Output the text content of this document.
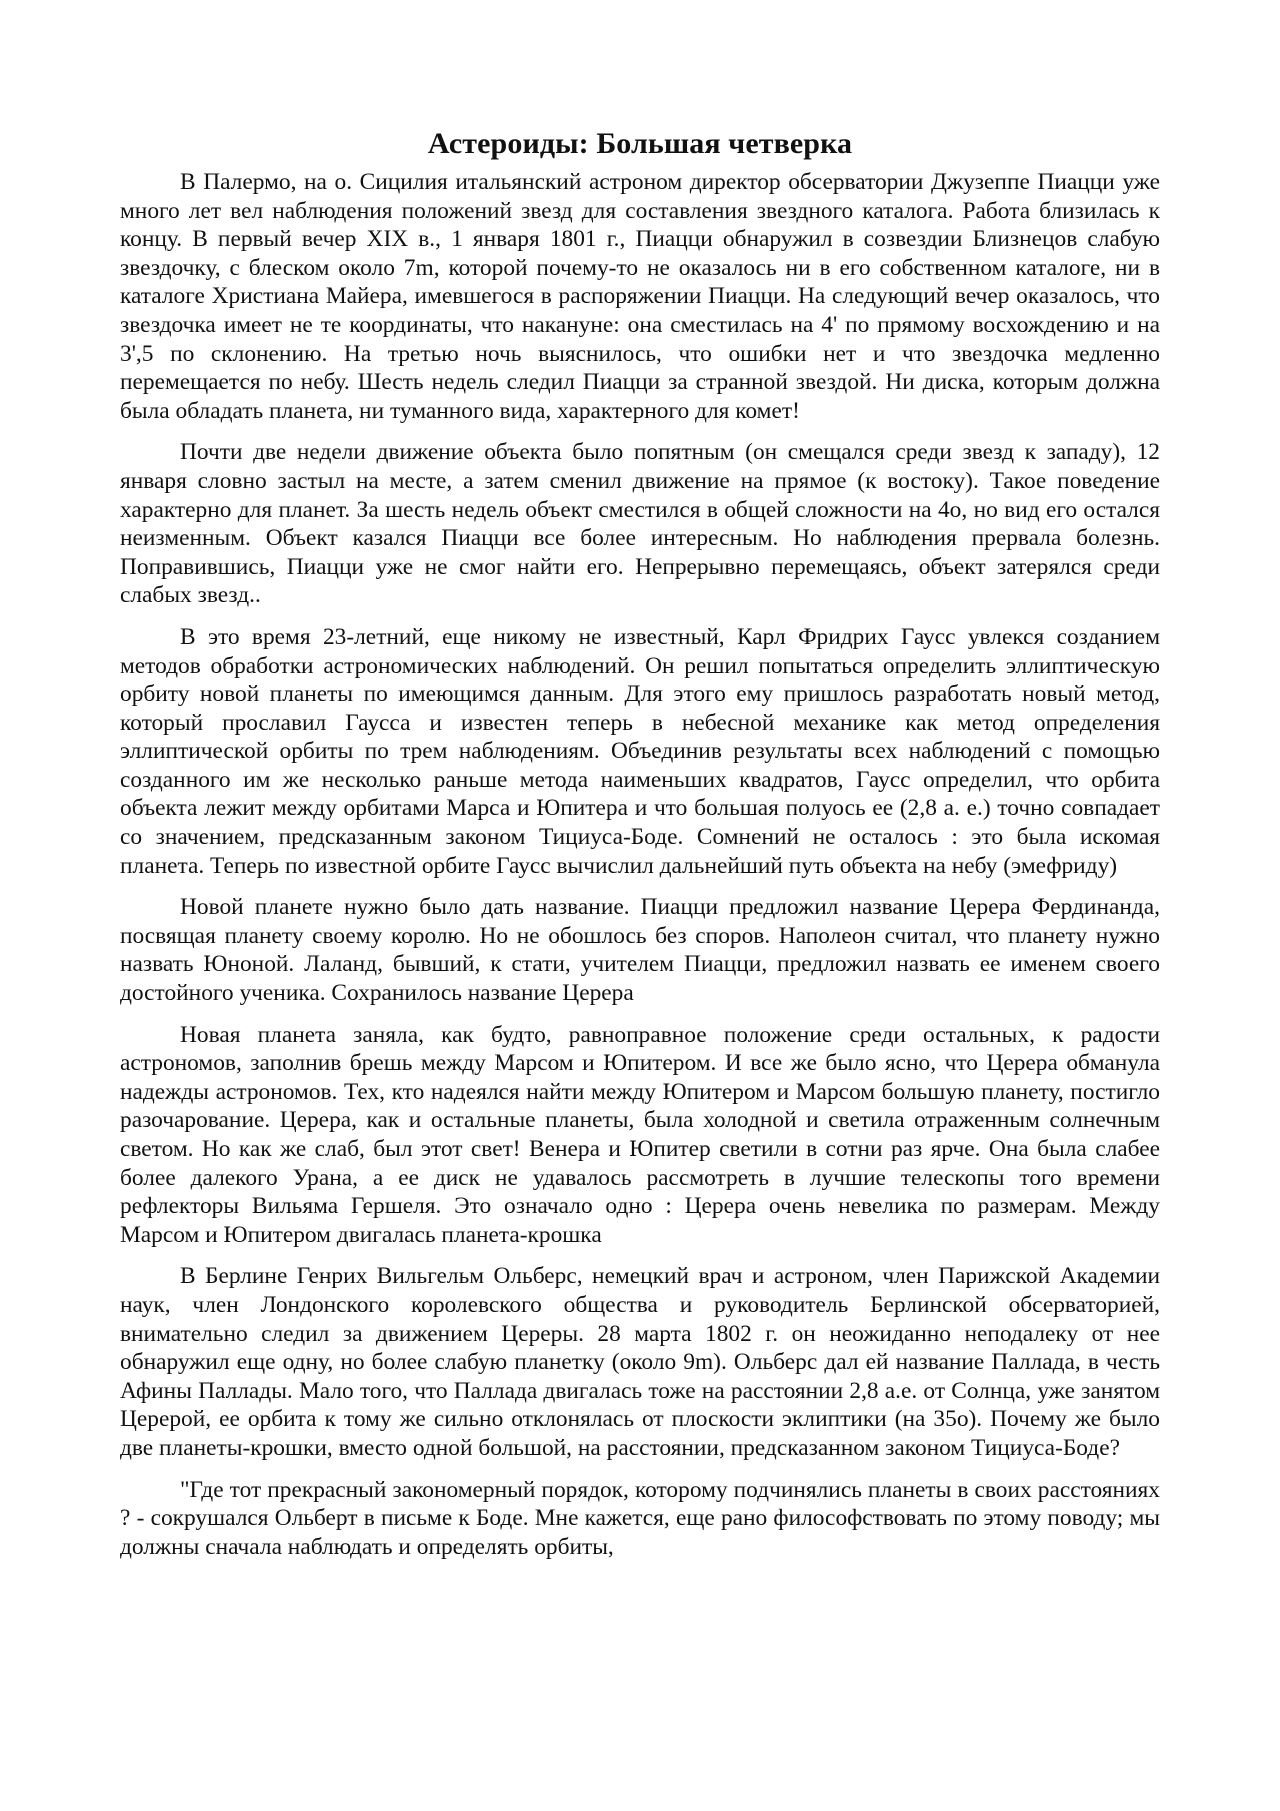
Астероиды: Большая четверка

В Палермо, на о. Сицилия итальянский астроном директор обсерватории Джузеппе Пиацци уже много лет вел наблюдения положений звезд для составления звездного каталога. Работа близилась к концу. В первый вечер XIX в., 1 января 1801 г., Пиацци обнаружил в созвездии Близнецов слабую звездочку, с блеском около 7m, которой почему-то не оказалось ни в его собственном каталоге, ни в каталоге Христиана Майера, имевшегося в распоряжении Пиацци. На следующий вечер оказалось, что звездочка имеет не те координаты, что накануне: она сместилась на 4' по прямому восхождению и на 3',5 по склонению. На третью ночь выяснилось, что ошибки нет и что звездочка медленно перемещается по небу. Шесть недель следил Пиацци за странной звездой. Ни диска, которым должна была обладать планета, ни туманного вида, характерного для комет!

Почти две недели движение объекта было попятным (он смещался среди звезд к западу), 12 января словно застыл на месте, а затем сменил движение на прямое (к востоку). Такое поведение характерно для планет. За шесть недель объект сместился в общей сложности на 4о, но вид его остался неизменным. Объект казался Пиацци все более интересным. Но наблюдения прервала болезнь. Поправившись, Пиацци уже не смог найти его. Непрерывно перемещаясь, объект затерялся среди слабых звезд..

В это время 23-летний, еще никому не известный, Карл Фридрих Гаусс увлекся созданием методов обработки астрономических наблюдений. Он решил попытаться определить эллиптическую орбиту новой планеты по имеющимся данным. Для этого ему пришлось разработать новый метод, который прославил Гаусса и известен теперь в небесной механике как метод определения эллиптической орбиты по трем наблюдениям. Объединив результаты всех наблюдений с помощью созданного им же несколько раньше метода наименьших квадратов, Гаусс определил, что орбита объекта лежит между орбитами Марса и Юпитера и что большая полуось ее (2,8 а. е.) точно совпадает со значением, предсказанным законом Тициуса-Боде. Сомнений не осталось : это была искомая планета. Теперь по известной орбите Гаусс вычислил дальнейший путь объекта на небу (эмефриду)

Новой планете нужно было дать название. Пиацци предложил название Церера Фердинанда, посвящая планету своему королю. Но не обошлось без споров. Наполеон считал, что планету нужно назвать Юноной. Лаланд, бывший, к стати, учителем Пиацци, предложил назвать ее именем своего достойного ученика. Сохранилось название Церера

Новая планета заняла, как будто, равноправное положение среди остальных, к радости астрономов, заполнив брешь между Марсом и Юпитером. И все же было ясно, что Церера обманула надежды астрономов. Тех, кто надеялся найти между Юпитером и Марсом большую планету, постигло разочарование. Церера, как и остальные планеты, была холодной и светила отраженным солнечным светом. Но как же слаб, был этот свет! Венера и Юпитер светили в сотни раз ярче. Она была слабее более далекого Урана, а ее диск не удавалось рассмотреть в лучшие телескопы того времени рефлекторы Вильяма Гершеля. Это означало одно : Церера очень невелика по размерам. Между Марсом и Юпитером двигалась планета-крошка

В Берлине Генрих Вильгельм Ольберс, немецкий врач и астроном, член Парижской Академии наук, член Лондонского королевского общества и руководитель Берлинской обсерваторией, внимательно следил за движением Цереры. 28 марта 1802 г. он неожиданно неподалеку от нее обнаружил еще одну, но более слабую планетку (около 9m). Ольберс дал ей название Паллада, в честь Афины Паллады. Мало того, что Паллада двигалась тоже на расстоянии 2,8 а.е. от Солнца, уже занятом Церерой, ее орбита к тому же сильно отклонялась от плоскости эклиптики (на 35о). Почему же было две планеты-крошки, вместо одной большой, на расстоянии, предсказанном законом Тициуса-Боде?

"Где тот прекрасный закономерный порядок, которому подчинялись планеты в своих расстояниях ? - сокрушался Ольберт в письме к Боде. Мне кажется, еще рано философствовать по этому поводу; мы должны сначала наблюдать и определять орбиты,
